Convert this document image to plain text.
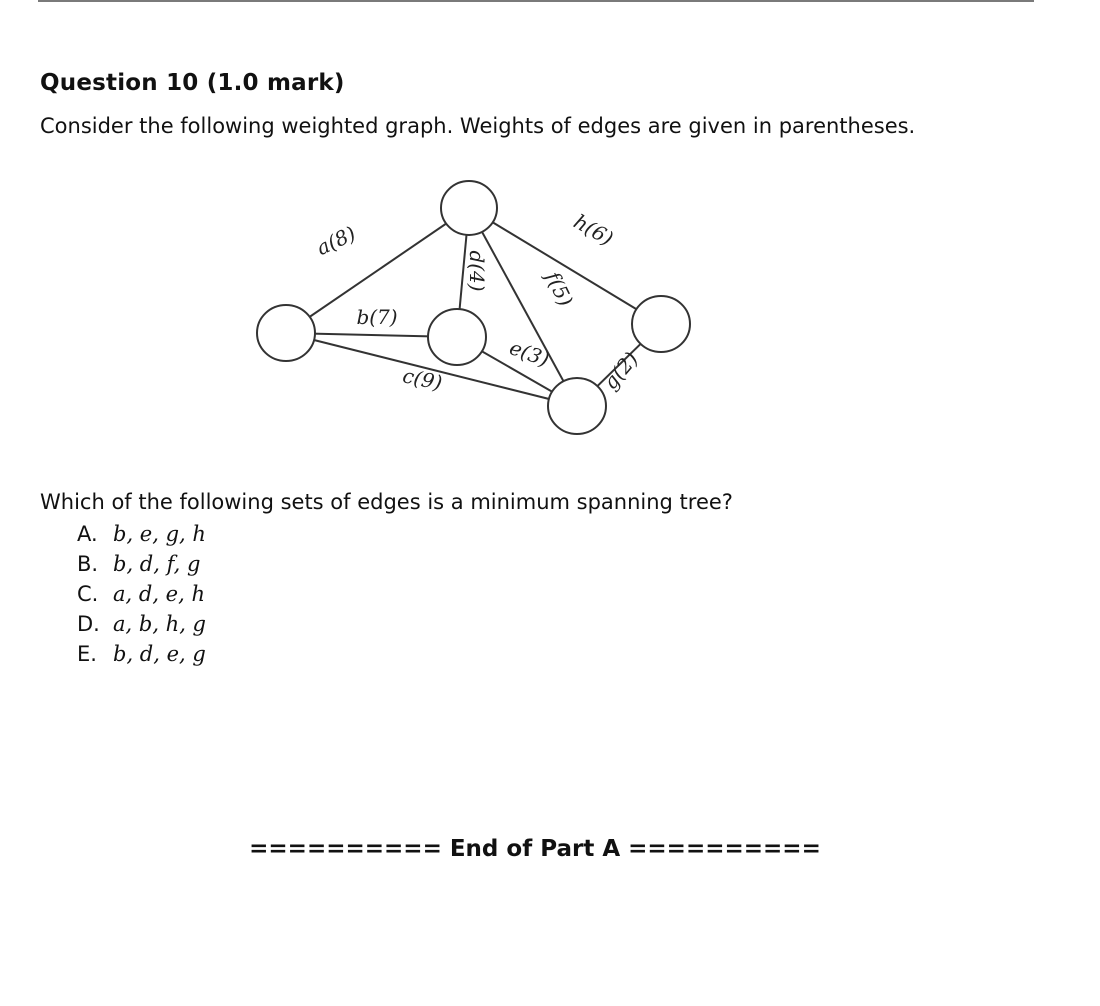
Question 10 (1.0 mark)
Consider the following weighted graph. Weights of edges are given in parentheses.
a(8)
b(7)
c(9)
d(4)
e(3)
f(5)
g(2)
h(6)
Which of the following sets of edges is a minimum spanning tree?
A. b, e, g, h
B. b, d, f, g
C. a, d, e, h
D. a, b, h, g
E. b, d, e, g
========== End of Part A ==========
